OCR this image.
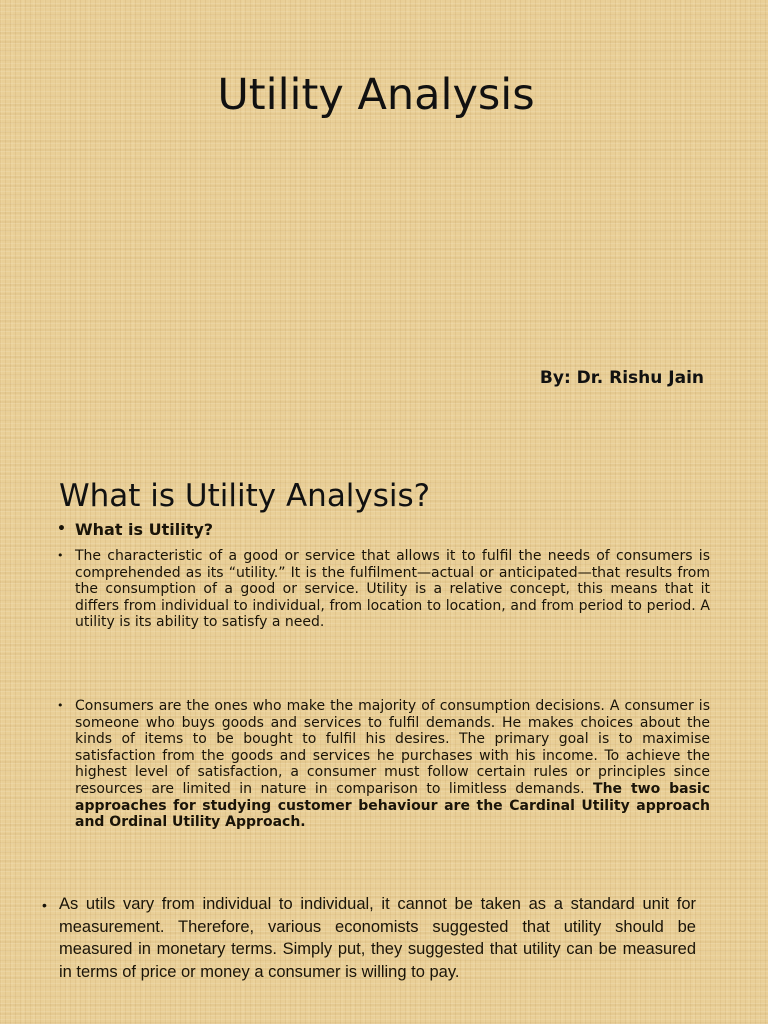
Utility Analysis
By: Dr. Rishu Jain
What is Utility Analysis?
• What is Utility?
• The characteristic of a good or service that allows it to fulfil the needs of consumers is comprehended as its “utility.” It is the fulfilment—actual or anticipated—that results from the consumption of a good or service. Utility is a relative concept, this means that it differs from individual to individual, from location to location, and from period to period. A utility is its ability to satisfy a need.
• Consumers are the ones who make the majority of consumption decisions. A consumer is someone who buys goods and services to fulfil demands. He makes choices about the kinds of items to be bought to fulfil his desires. The primary goal is to maximise satisfaction from the goods and services he purchases with his income. To achieve the highest level of satisfaction, a consumer must follow certain rules or principles since resources are limited in nature in comparison to limitless demands. The two basic approaches for studying customer behaviour are the Cardinal Utility approach and Ordinal Utility Approach.
• As utils vary from individual to individual, it cannot be taken as a standard unit for measurement. Therefore, various economists suggested that utility should be measured in monetary terms. Simply put, they suggested that utility can be measured in terms of price or money a consumer is willing to pay.
